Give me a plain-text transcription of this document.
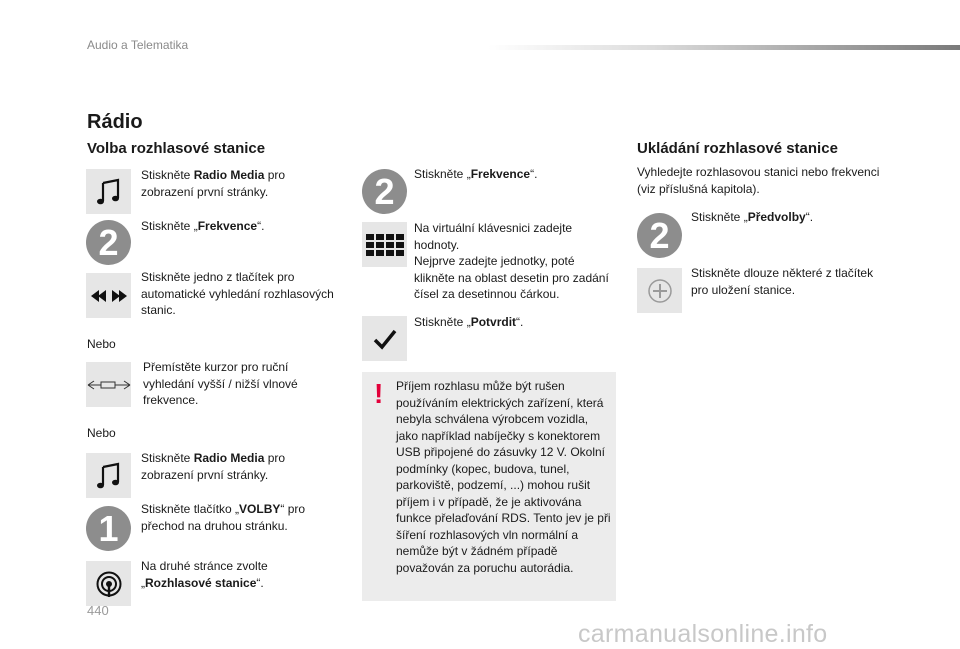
Audio a Telematika
Rádio
Volba rozhlasové stanice
Stiskněte Radio Media pro zobrazení první stránky.
2	Stiskněte „Frekvence“.
Stiskněte jedno z tlačítek pro automatické vyhledání rozhlasových stanic.
Nebo
Přemístěte kurzor pro ruční vyhledání vyšší / nižší vlnové frekvence.
Nebo
Stiskněte Radio Media pro zobrazení první stránky.
1	Stiskněte tlačítko „VOLBY“ pro přechod na druhou stránku.
Na druhé stránce zvolte „Rozhlasové stanice“.
2	Stiskněte „Frekvence“.
Na virtuální klávesnici zadejte hodnoty.
Nejprve zadejte jednotky, poté klikněte na oblast desetin pro zadání čísel za desetinnou čárkou.
Stiskněte „Potvrdit“.
! Příjem rozhlasu může být rušen používáním elektrických zařízení, která nebyla schválena výrobcem vozidla, jako například nabíječky s konektorem USB připojené do zásuvky 12 V. Okolní podmínky (kopec, budova, tunel, parkoviště, podzemí, ...) mohou rušit příjem i v případě, že je aktivována funkce přelaďování RDS. Tento jev je při šíření rozhlasových vln normální a nemůže být v žádném případě považován za poruchu autorádia.
Ukládání rozhlasové stanice
Vyhledejte rozhlasovou stanici nebo frekvenci (viz příslušná kapitola).
2	Stiskněte „Předvolby“.
Stiskněte dlouze některé z tlačítek pro uložení stanice.
440
carmanualsonline.info
